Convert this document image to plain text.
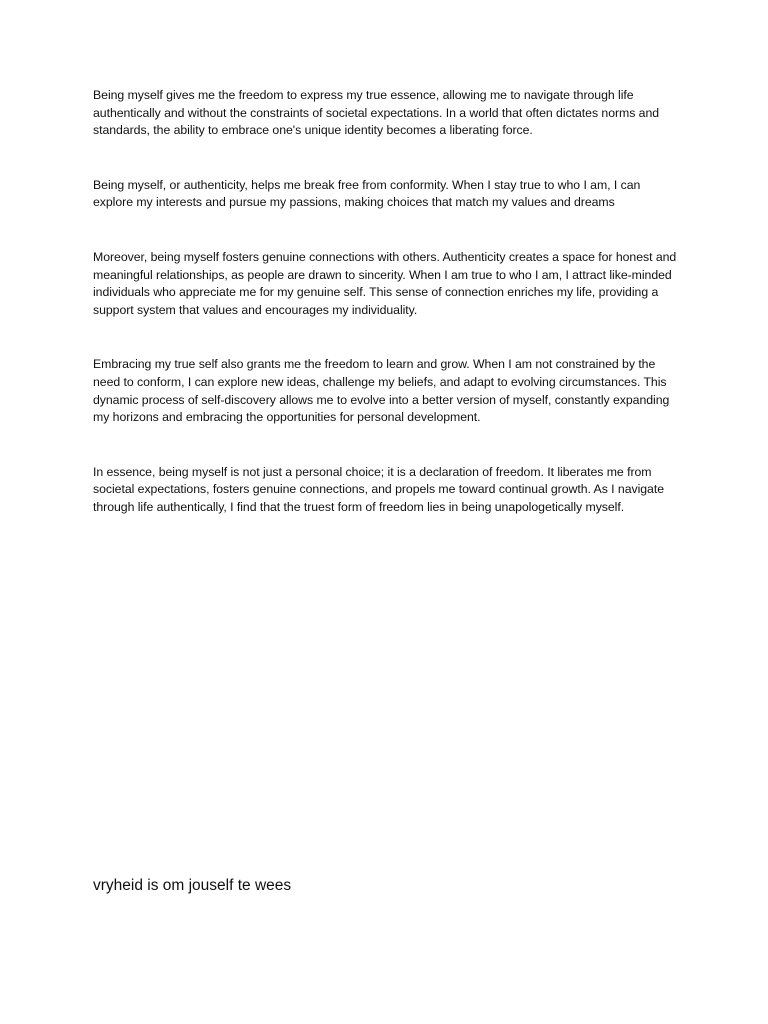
Being myself gives me the freedom to express my true essence, allowing me to navigate through life authentically and without the constraints of societal expectations. In a world that often dictates norms and standards, the ability to embrace one's unique identity becomes a liberating force.

Being myself, or authenticity, helps me break free from conformity. When I stay true to who I am, I can explore my interests and pursue my passions, making choices that match my values and dreams

Moreover, being myself fosters genuine connections with others. Authenticity creates a space for honest and meaningful relationships, as people are drawn to sincerity. When I am true to who I am, I attract like-minded individuals who appreciate me for my genuine self. This sense of connection enriches my life, providing a support system that values and encourages my individuality.

Embracing my true self also grants me the freedom to learn and grow. When I am not constrained by the need to conform, I can explore new ideas, challenge my beliefs, and adapt to evolving circumstances. This dynamic process of self-discovery allows me to evolve into a better version of myself, constantly expanding my horizons and embracing the opportunities for personal development.

In essence, being myself is not just a personal choice; it is a declaration of freedom. It liberates me from societal expectations, fosters genuine connections, and propels me toward continual growth. As I navigate through life authentically, I find that the truest form of freedom lies in being unapologetically myself.

vryheid is om jouself te wees
